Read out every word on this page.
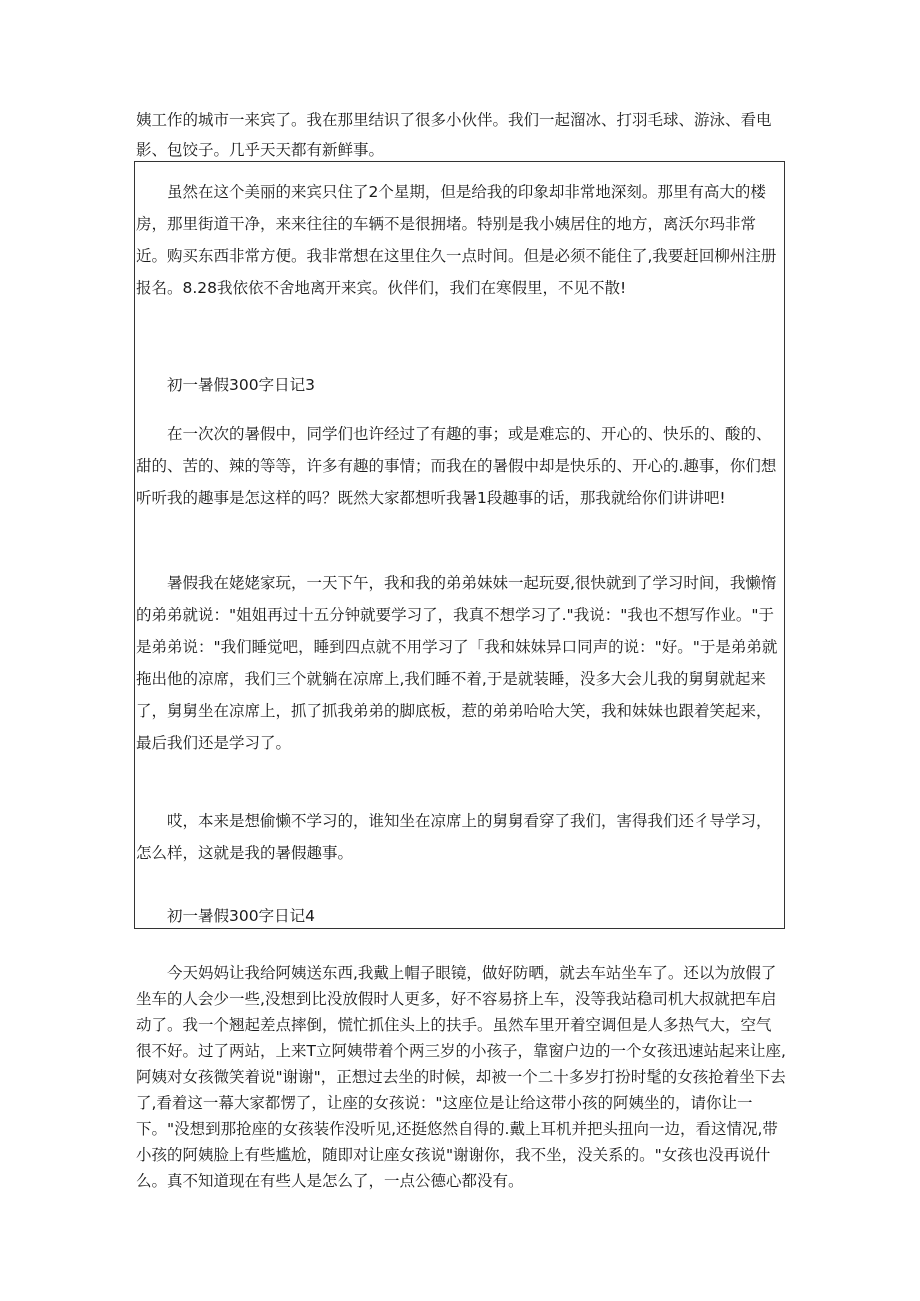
姨工作的城市一来宾了。我在那里结识了很多小伙伴。我们一起溜冰、打羽毛球、游泳、看电影、包饺子。几乎天天都有新鲜事。

虽然在这个美丽的来宾只住了2个星期，但是给我的印象却非常地深刻。那里有高大的楼房，那里街道干净，来来往往的车辆不是很拥堵。特别是我小姨居住的地方，离沃尔玛非常近。购买东西非常方便。我非常想在这里住久一点时间。但是必须不能住了,我要赶回柳州注册报名。8.28我依依不舍地离开来宾。伙伴们，我们在寒假里，不见不散!

初一暑假300字日记3

在一次次的暑假中，同学们也许经过了有趣的事；或是难忘的、开心的、快乐的、酸的、甜的、苦的、辣的等等，许多有趣的事情；而我在的暑假中却是快乐的、开心的.趣事，你们想听听我的趣事是怎这样的吗？既然大家都想听我暑1段趣事的话，那我就给你们讲讲吧!

暑假我在姥姥家玩，一天下午，我和我的弟弟妹妹一起玩耍,很快就到了学习时间，我懒惰的弟弟就说："姐姐再过十五分钟就要学习了，我真不想学习了."我说："我也不想写作业。"于是弟弟说："我们睡觉吧，睡到四点就不用学习了「我和妹妹异口同声的说："好。"于是弟弟就拖出他的凉席，我们三个就躺在凉席上,我们睡不着,于是就装睡，没多大会儿我的舅舅就起来了，舅舅坐在凉席上，抓了抓我弟弟的脚底板，惹的弟弟哈哈大笑，我和妹妹也跟着笑起来，最后我们还是学习了。

哎，本来是想偷懒不学习的，谁知坐在凉席上的舅舅看穿了我们，害得我们还彳导学习，怎么样，这就是我的暑假趣事。

初一暑假300字日记4

今天妈妈让我给阿姨送东西,我戴上帽子眼镜，做好防晒，就去车站坐车了。还以为放假了坐车的人会少一些,没想到比没放假时人更多，好不容易挤上车，没等我站稳司机大叔就把车启动了。我一个翘起差点摔倒，慌忙抓住头上的扶手。虽然车里开着空调但是人多热气大，空气很不好。过了两站，上来T立阿姨带着个两三岁的小孩子，靠窗户边的一个女孩迅速站起来让座,阿姨对女孩微笑着说"谢谢"，正想过去坐的时候，却被一个二十多岁打扮时髦的女孩抢着坐下去了,看着这一幕大家都愣了，让座的女孩说："这座位是让给这带小孩的阿姨坐的，请你让一下。"没想到那抢座的女孩装作没听见,还挺悠然自得的.戴上耳机并把头扭向一边，看这情况,带小孩的阿姨脸上有些尴尬，随即对让座女孩说"谢谢你，我不坐，没关系的。"女孩也没再说什么。真不知道现在有些人是怎么了，一点公德心都没有。
